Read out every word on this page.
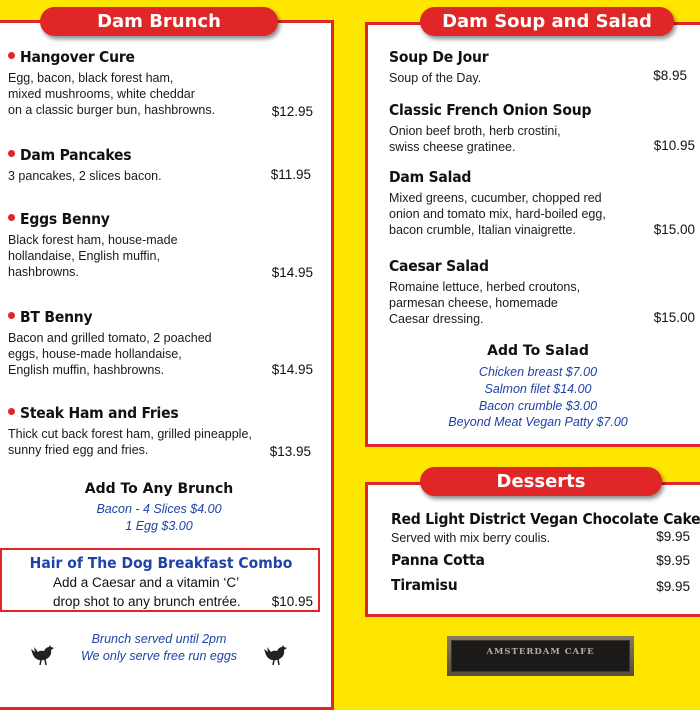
Dam Brunch
Hangover Cure
Egg, bacon, black forest ham,
mixed mushrooms, white cheddar
on a classic burger bun, hashbrowns.	$12.95
Dam Pancakes
3 pancakes, 2 slices bacon.	$11.95
Eggs Benny
Black forest ham, house-made
hollandaise, English muffin,
hashbrowns.	$14.95
BT Benny
Bacon and grilled tomato, 2 poached
eggs, house-made hollandaise,
English muffin, hashbrowns.	$14.95
Steak Ham and Fries
Thick cut back forest ham, grilled pineapple,
sunny fried egg and fries.	$13.95
Add To Any Brunch
Bacon - 4 Slices $4.00
1 Egg $3.00
Hair of The Dog Breakfast Combo
Add a Caesar and a vitamin ‘C’
drop shot to any brunch entrée. $10.95
Brunch served until 2pm
We only serve free run eggs
Dam Soup and Salad
Soup De Jour
Soup of the Day.	$8.95
Classic French Onion Soup
Onion beef broth, herb crostini,
swiss cheese gratinee.	$10.95
Dam Salad
Mixed greens, cucumber, chopped red
onion and tomato mix, hard-boiled egg,
bacon crumble, Italian vinaigrette.	$15.00
Caesar Salad
Romaine lettuce, herbed croutons,
parmesan cheese, homemade
Caesar dressing.	$15.00
Add To Salad
Chicken breast $7.00
Salmon filet $14.00
Bacon crumble $3.00
Beyond Meat Vegan Patty $7.00
Desserts
Red Light District Vegan Chocolate Cake
Served with mix berry coulis.	$9.95
Panna Cotta	$9.95
Tiramisu	$9.95
AMSTERDAM CAFE
